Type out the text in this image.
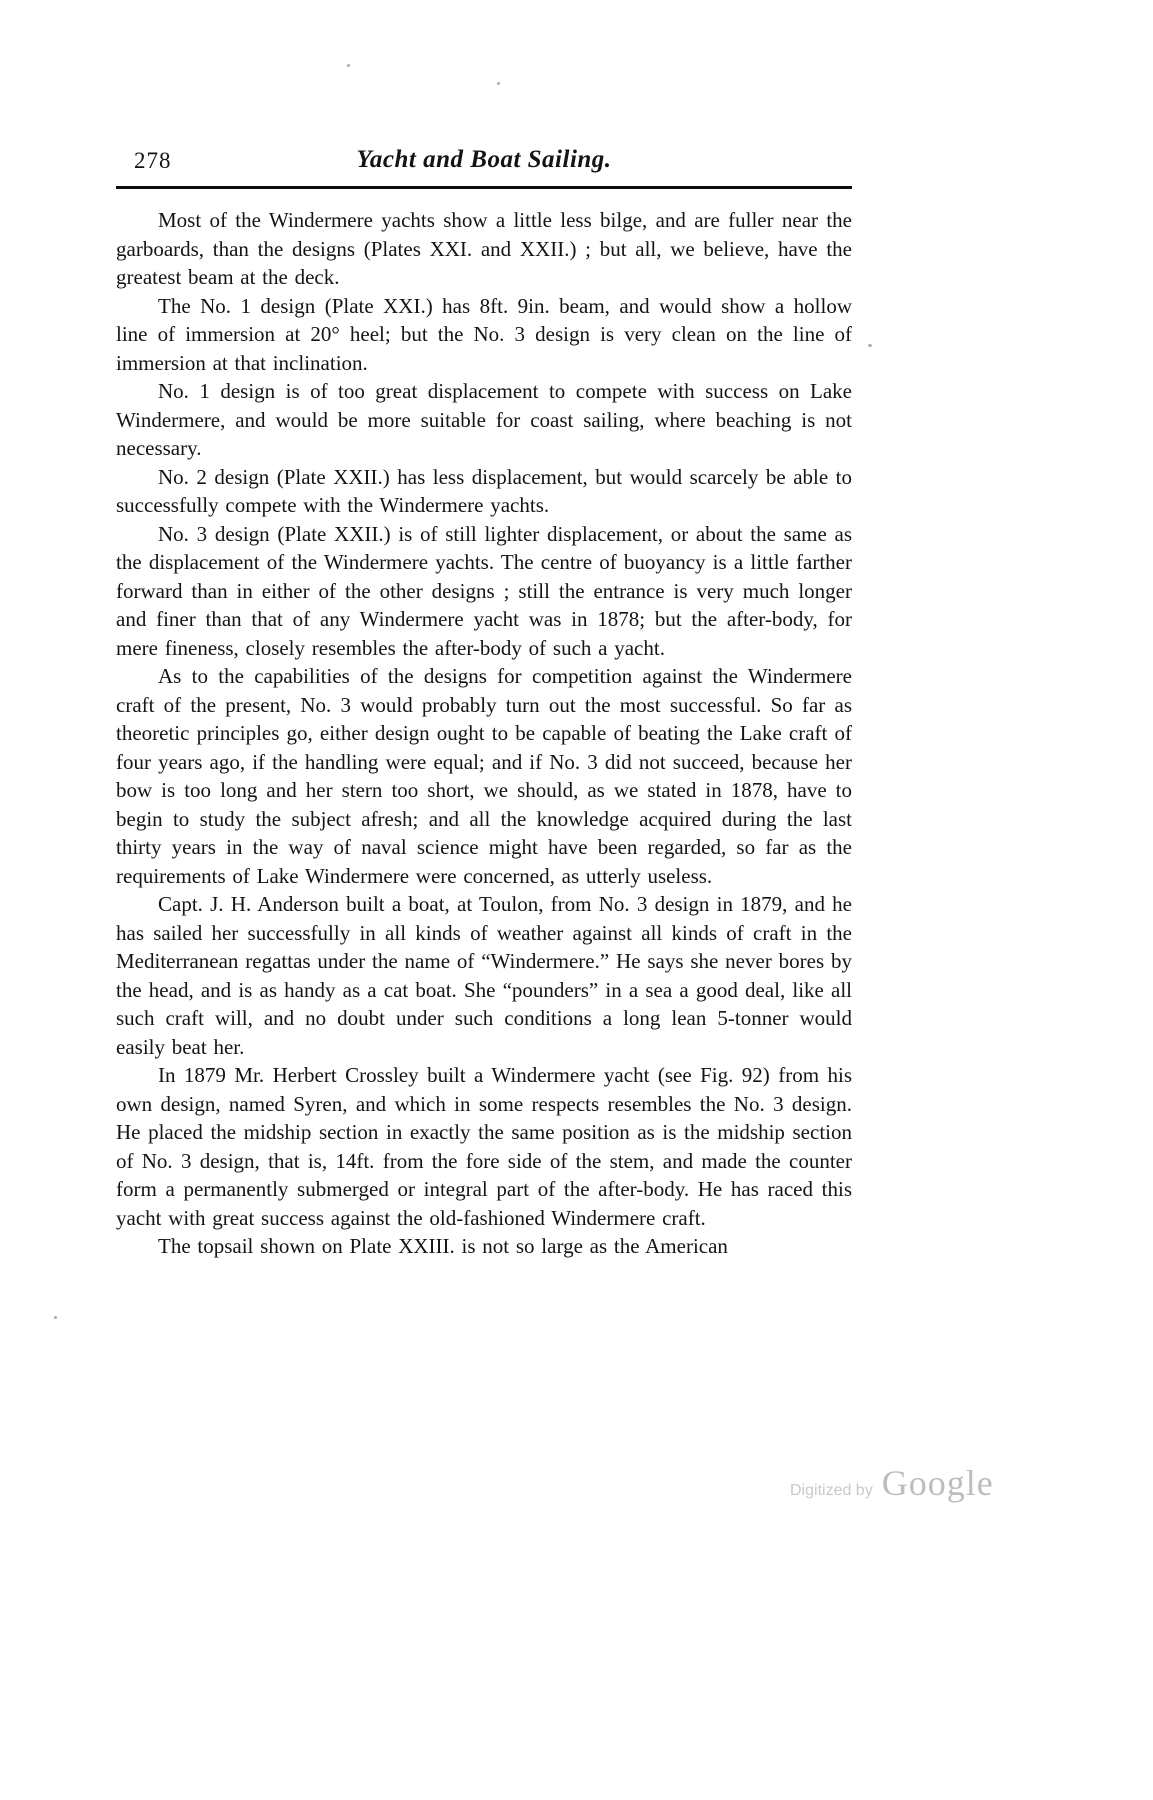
278	Yacht and Boat Sailing.

Most of the Windermere yachts show a little less bilge, and are fuller near the garboards, than the designs (Plates XXI. and XXII.) ; but all, we believe, have the greatest beam at the deck.

The No. 1 design (Plate XXI.) has 8ft. 9in. beam, and would show a hollow line of immersion at 20° heel; but the No. 3 design is very clean on the line of immersion at that inclination.

No. 1 design is of too great displacement to compete with success on Lake Windermere, and would be more suitable for coast sailing, where beaching is not necessary.

No. 2 design (Plate XXII.) has less displacement, but would scarcely be able to successfully compete with the Windermere yachts.

No. 3 design (Plate XXII.) is of still lighter displacement, or about the same as the displacement of the Windermere yachts. The centre of buoyancy is a little farther forward than in either of the other designs ; still the entrance is very much longer and finer than that of any Windermere yacht was in 1878; but the after-body, for mere fineness, closely resembles the after-body of such a yacht.

As to the capabilities of the designs for competition against the Windermere craft of the present, No. 3 would probably turn out the most successful. So far as theoretic principles go, either design ought to be capable of beating the Lake craft of four years ago, if the handling were equal; and if No. 3 did not succeed, because her bow is too long and her stern too short, we should, as we stated in 1878, have to begin to study the subject afresh; and all the knowledge acquired during the last thirty years in the way of naval science might have been regarded, so far as the requirements of Lake Windermere were concerned, as utterly useless.

Capt. J. H. Anderson built a boat, at Toulon, from No. 3 design in 1879, and he has sailed her successfully in all kinds of weather against all kinds of craft in the Mediterranean regattas under the name of “Windermere.” He says she never bores by the head, and is as handy as a cat boat. She “pounders” in a sea a good deal, like all such craft will, and no doubt under such conditions a long lean 5-tonner would easily beat her.

In 1879 Mr. Herbert Crossley built a Windermere yacht (see Fig. 92) from his own design, named Syren, and which in some respects resembles the No. 3 design. He placed the midship section in exactly the same position as is the midship section of No. 3 design, that is, 14ft. from the fore side of the stem, and made the counter form a permanently submerged or integral part of the after-body. He has raced this yacht with great success against the old-fashioned Windermere craft.

The topsail shown on Plate XXIII. is not so large as the American

Digitized by Google
